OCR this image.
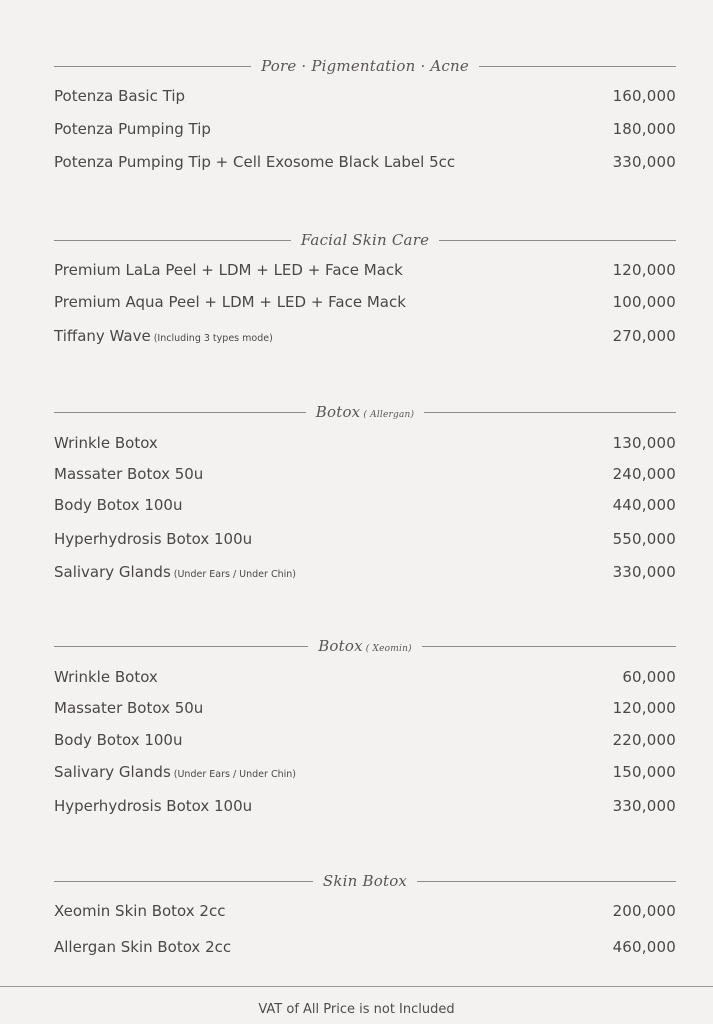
Pore · Pigmentation · Acne
Potenza Basic Tip	160,000
Potenza Pumping Tip	180,000
Potenza Pumping Tip + Cell Exosome Black Label 5cc	330,000
Facial Skin Care
Premium LaLa Peel + LDM + LED + Face Mack	120,000
Premium Aqua Peel + LDM + LED + Face Mack	100,000
Tiffany Wave (Including 3 types mode)	270,000
Botox ( Allergan)
Wrinkle Botox	130,000
Massater Botox 50u	240,000
Body Botox 100u	440,000
Hyperhydrosis Botox 100u	550,000
Salivary Glands (Under Ears / Under Chin)	330,000
Botox ( Xeomin)
Wrinkle Botox	60,000
Massater Botox 50u	120,000
Body Botox 100u	220,000
Salivary Glands (Under Ears / Under Chin)	150,000
Hyperhydrosis Botox 100u	330,000
Skin Botox
Xeomin Skin Botox 2cc	200,000
Allergan Skin Botox 2cc	460,000
VAT of All Price is not Included
